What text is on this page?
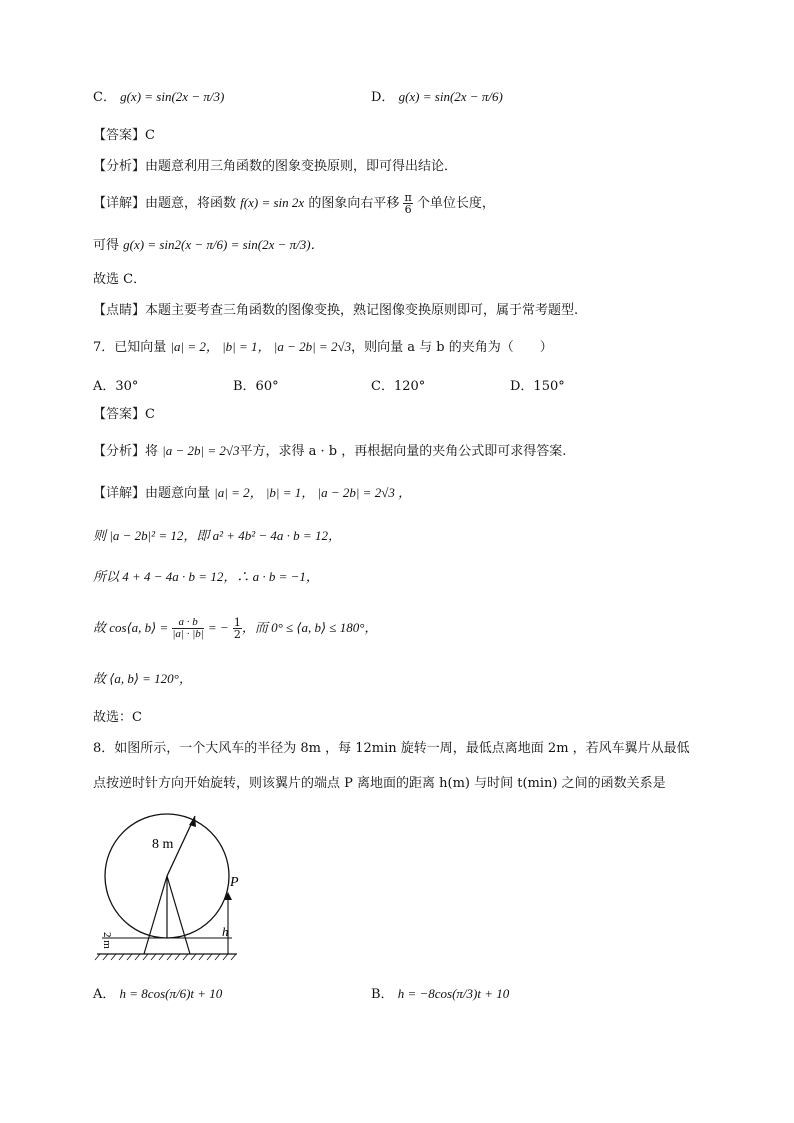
C． g(x) = sin(2x − π/3)	D． g(x) = sin(2x − π/6)
【答案】C
【分析】由题意利用三角函数的图象变换原则，即可得出结论．
【详解】由题意，将函数 f(x) = sin 2x 的图象向右平移 $\frac{\pi}{6}$ 个单位长度，
可得 g(x) = sin2(x − π/6) = sin(2x − π/3)．
故选 C．
【点睛】本题主要考查三角函数的图像变换，熟记图像变换原则即可，属于常考题型.
7．已知向量 |a| = 2， |b| = 1， |a − 2b| = 2√3，则向量 a 与 b 的夹角为（　　）
A．30°	B．60°	C．120°	D．150°
【答案】C
【分析】将 |a − 2b| = 2√3平方，求得 a · b ，再根据向量的夹角公式即可求得答案.
【详解】由题意向量 |a| = 2， |b| = 1， |a − 2b| = 2√3 ，
则 |a − 2b|² = 12，即 a² + 4b² − 4a · b = 12，
所以 4 + 4 − 4a · b = 12，∴ a · b = −1，
故 cos⟨a, b⟩ = $\frac{a \cdot b}{|a| \cdot |b|}$ = − $\frac{1}{2}$ ，而 0° ≤ ⟨a, b⟩ ≤ 180°，
故 ⟨a, b⟩ = 120°，
故选：C
8．如图所示，一个大风车的半径为 8m ，每 12min 旋转一周，最低点离地面 2m ，若风车翼片从最低
点按逆时针方向开始旋转，则该翼片的端点 P 离地面的距离 h(m) 与时间 t(min) 之间的函数关系是
8 m
P
h
2 m
A． h = 8cos(π/6)t + 10	B． h = −8cos(π/3)t + 10
